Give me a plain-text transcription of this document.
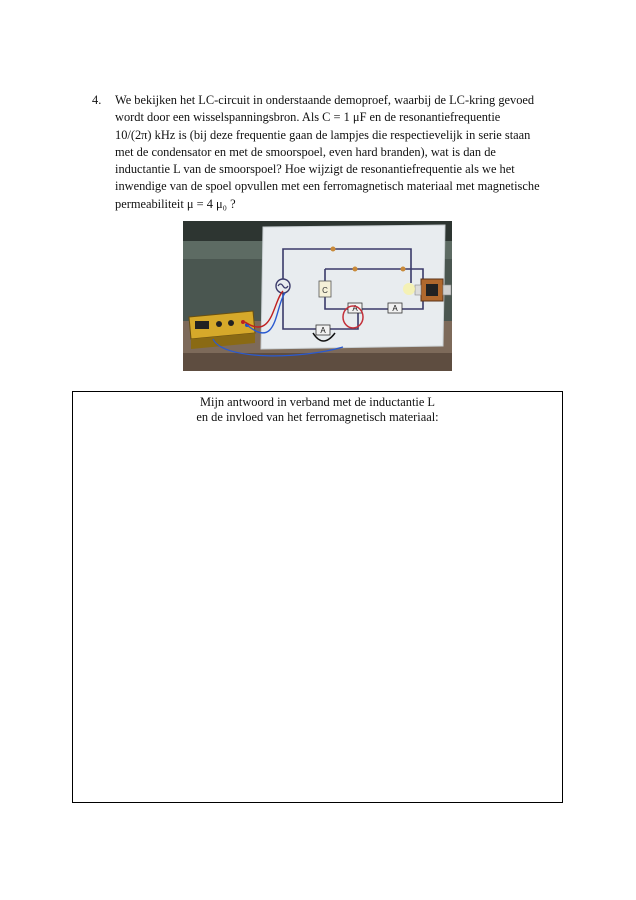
4. We bekijken het LC-circuit in onderstaande demoproef, waarbij de LC-kring gevoed
wordt door een wisselspanningsbron. Als C = 1 μF en de resonantiefrequentie
10/(2π) kHz is (bij deze frequentie gaan de lampjes die respectievelijk in serie staan
met de condensator en met de smoorspoel, even hard branden), wat is dan de
inductantie L van de smoorspoel? Hoe wijzigt de resonantiefrequentie als we het
inwendige van de spoel opvullen met een ferromagnetisch materiaal met magnetische
permeabiliteit μ = 4 μ₀ ?
C
A
A	A
Mijn antwoord in verband met de inductantie L
en de invloed van het ferromagnetisch materiaal:
